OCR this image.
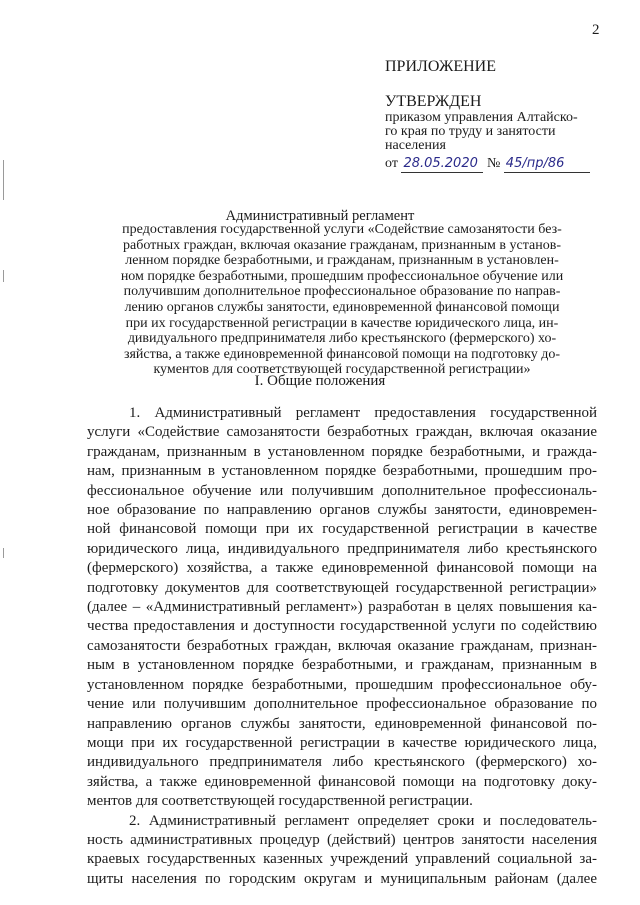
2
ПРИЛОЖЕНИЕ
УТВЕРЖДЕН
приказом управления Алтайско-
го края по труду и занятости
населения
от 28.05.2020 № 45/пр/86
Административный регламент
предоставления государственной услуги «Содействие самозанятости без-
работных граждан, включая оказание гражданам, признанным в установ-
ленном порядке безработными, и гражданам, признанным в установлен-
ном порядке безработными, прошедшим профессиональное обучение или
получившим дополнительное профессиональное образование по направ-
лению органов службы занятости, единовременной финансовой помощи
при их государственной регистрации в качестве юридического лица, ин-
дивидуального предпринимателя либо крестьянского (фермерского) хо-
зяйства, а также единовременной финансовой помощи на подготовку до-
кументов для соответствующей государственной регистрации»
I. Общие положения
1. Административный регламент предоставления государственной
услуги «Содействие самозанятости безработных граждан, включая оказание
гражданам, признанным в установленном порядке безработными, и гражда-
нам, признанным в установленном порядке безработными, прошедшим про-
фессиональное обучение или получившим дополнительное профессиональ-
ное образование по направлению органов службы занятости, единовремен-
ной финансовой помощи при их государственной регистрации в качестве
юридического лица, индивидуального предпринимателя либо крестьянского
(фермерского) хозяйства, а также единовременной финансовой помощи на
подготовку документов для соответствующей государственной регистрации»
(далее – «Административный регламент») разработан в целях повышения ка-
чества предоставления и доступности государственной услуги по содействию
самозанятости безработных граждан, включая оказание гражданам, признан-
ным в установленном порядке безработными, и гражданам, признанным в
установленном порядке безработными, прошедшим профессиональное обу-
чение или получившим дополнительное профессиональное образование по
направлению органов службы занятости, единовременной финансовой по-
мощи при их государственной регистрации в качестве юридического лица,
индивидуального предпринимателя либо крестьянского (фермерского) хо-
зяйства, а также единовременной финансовой помощи на подготовку доку-
ментов для соответствующей государственной регистрации.
2. Административный регламент определяет сроки и последователь-
ность административных процедур (действий) центров занятости населения
краевых государственных казенных учреждений управлений социальной за-
щиты населения по городским округам и муниципальным районам (далее
